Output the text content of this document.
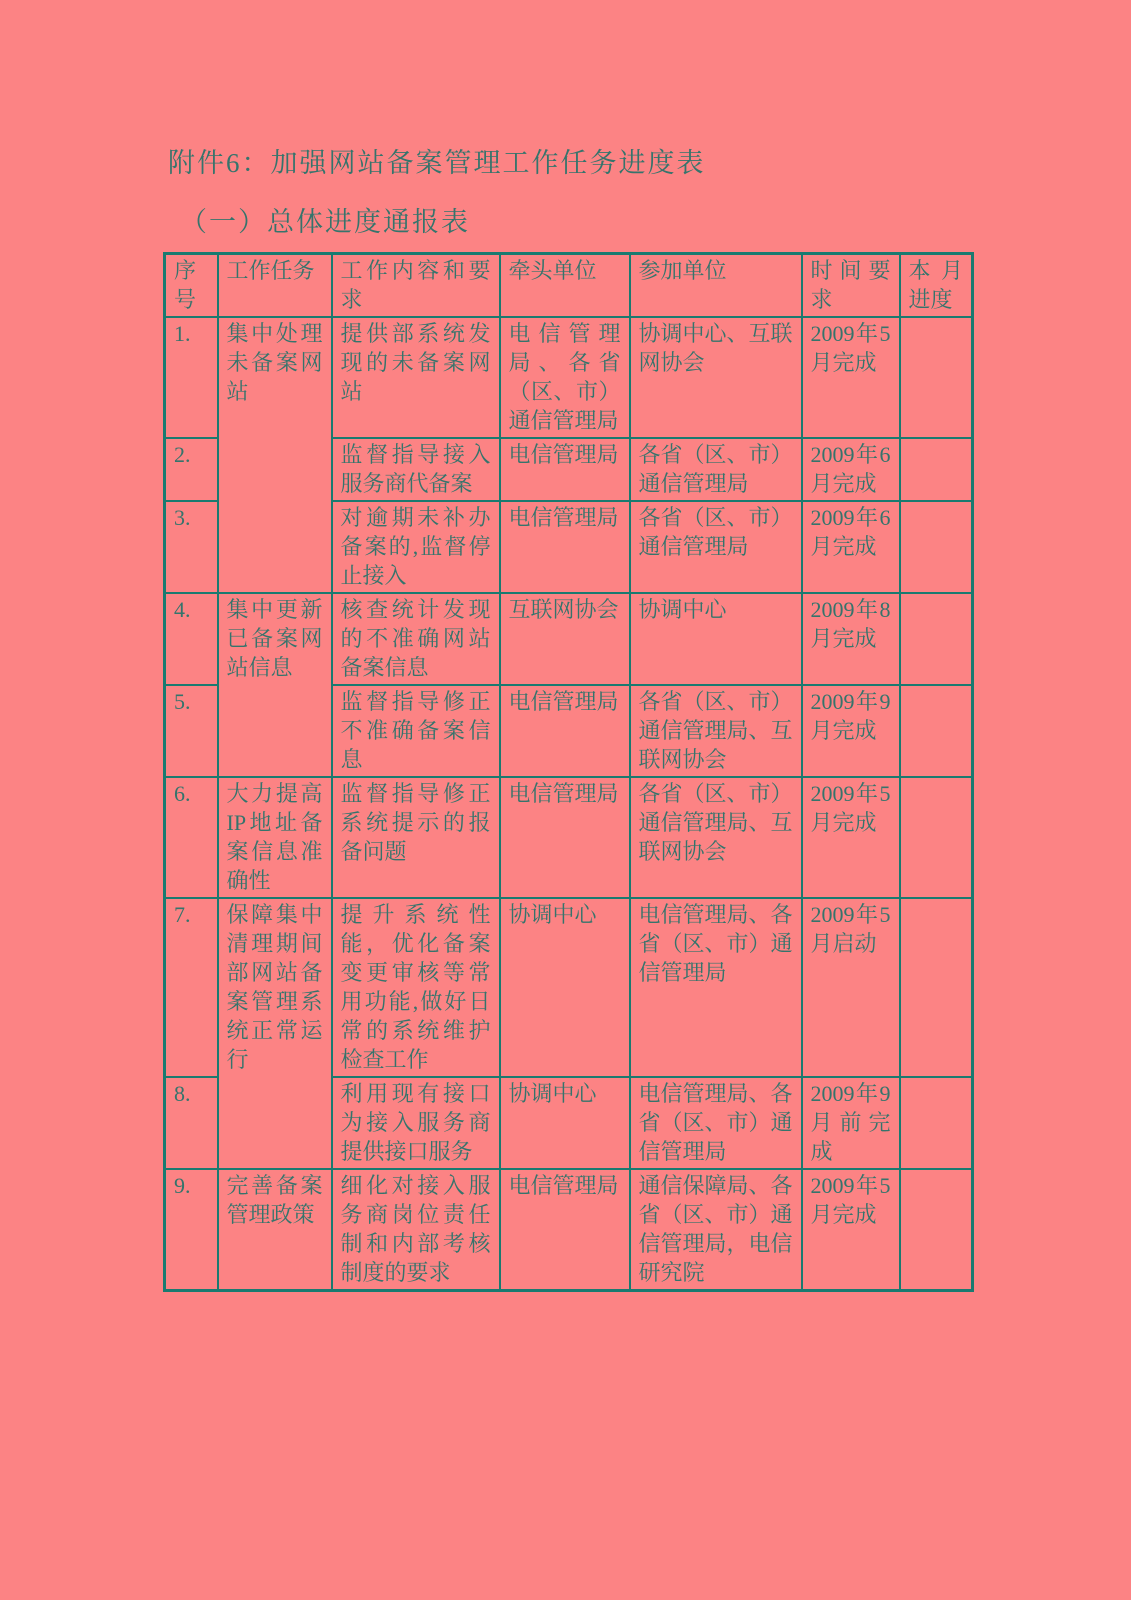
附件6：加强网站备案管理工作任务进度表
（一）总体进度通报表
序号	工作任务	工作内容和要求	牵头单位	参加单位	时间要求	本月进度
1.	集中处理未备案网站	提供部系统发现的未备案网站	电信管理局、各省（区、市）通信管理局	协调中心、互联网协会	2009年5月完成	
2.		监督指导接入服务商代备案	电信管理局	各省（区、市）通信管理局	2009年6月完成	
3.		对逾期未补办备案的,监督停止接入	电信管理局	各省（区、市）通信管理局	2009年6月完成	
4.	集中更新已备案网站信息	核查统计发现的不准确网站备案信息	互联网协会	协调中心	2009年8月完成	
5.		监督指导修正不准确备案信息	电信管理局	各省（区、市）通信管理局、互联网协会	2009年9月完成	
6.	大力提高IP地址备案信息准确性	监督指导修正系统提示的报备问题	电信管理局	各省（区、市）通信管理局、互联网协会	2009年5月完成	
7.	保障集中清理期间部网站备案管理系统正常运行	提升系统性能，优化备案变更审核等常用功能,做好日常的系统维护检查工作	协调中心	电信管理局、各省（区、市）通信管理局	2009年5月启动	
8.		利用现有接口为接入服务商提供接口服务	协调中心	电信管理局、各省（区、市）通信管理局	2009年9月前完成	
9.	完善备案管理政策	细化对接入服务商岗位责任制和内部考核制度的要求	电信管理局	通信保障局、各省（区、市）通信管理局，电信研究院	2009年5月完成	
